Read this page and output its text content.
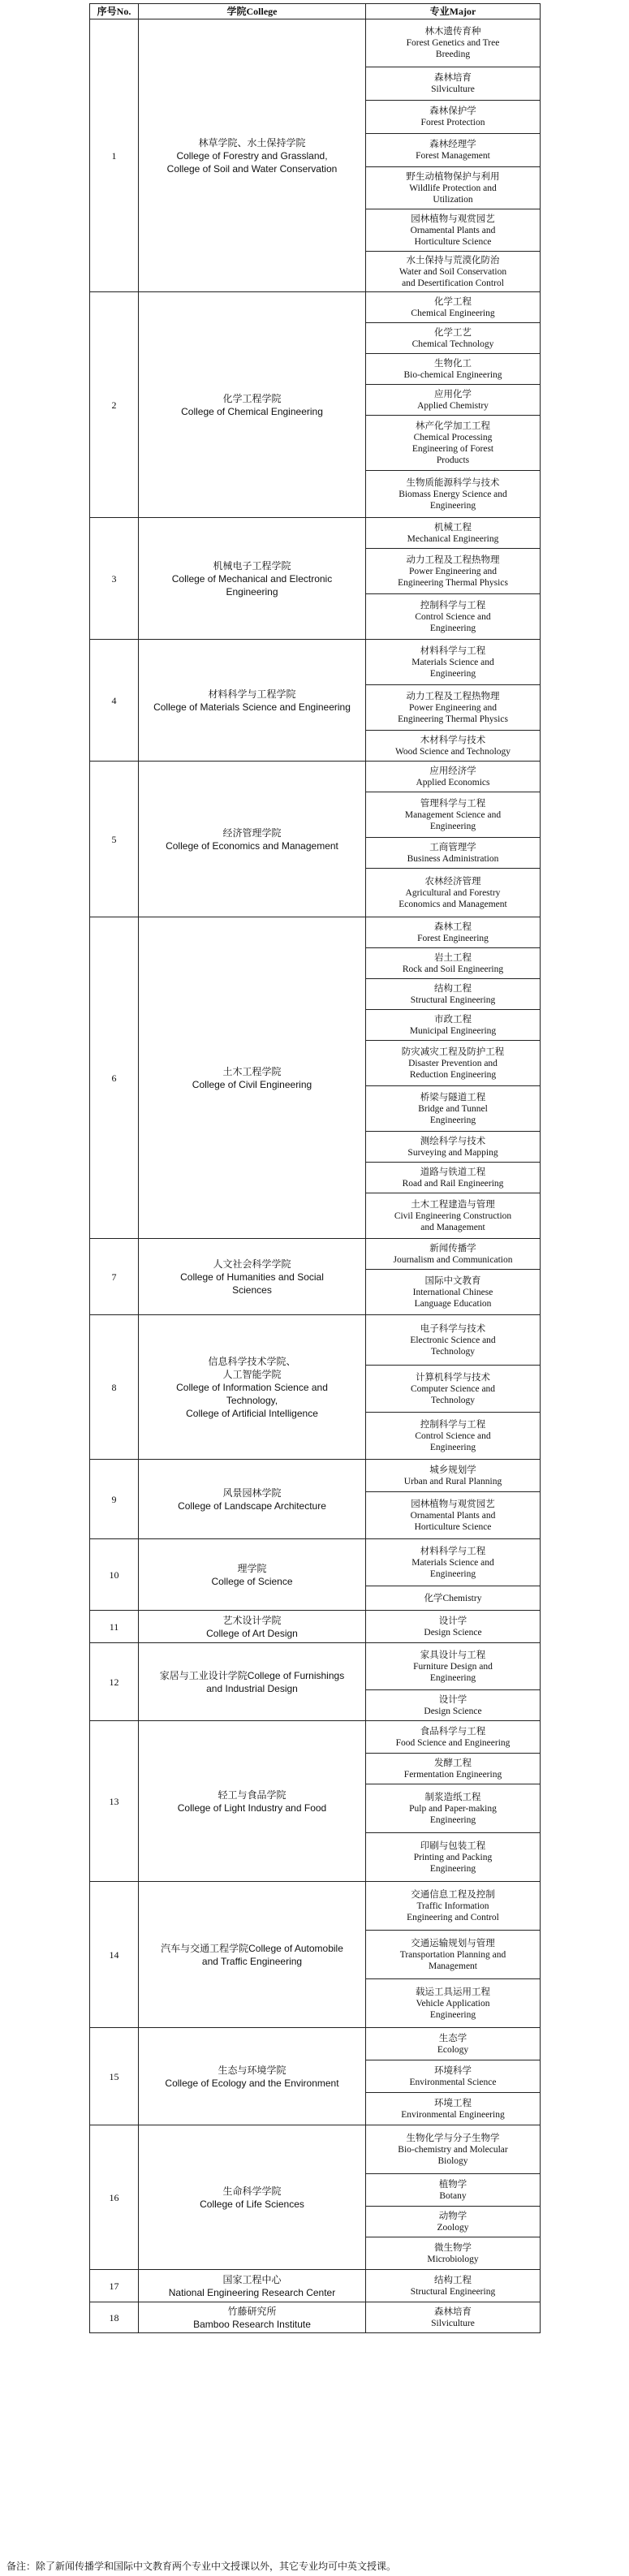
序号No.	学院College	专业Major
1	林草学院、水土保持学院
College of Forestry and Grassland,
College of Soil and Water Conservation	林木遗传育种
Forest Genetics and Tree
Breeding

		森林培育
Silviculture

		森林保护学
Forest Protection

		森林经理学
Forest Management

		野生动植物保护与利用
Wildlife Protection and
Utilization

		园林植物与观赏园艺
Ornamental Plants and
Horticulture Science

		水土保持与荒漠化防治
Water and Soil Conservation
and Desertification Control

2	化学工程学院
College of Chemical Engineering	化学工程
Chemical Engineering

		化学工艺
Chemical Technology

		生物化工
Bio-chemical Engineering

		应用化学
Applied Chemistry

		林产化学加工工程
Chemical Processing
Engineering of Forest
Products

		生物质能源科学与技术
Biomass Energy Science and
Engineering

3	机械电子工程学院
College of Mechanical and Electronic
Engineering	机械工程
Mechanical Engineering

		动力工程及工程热物理
Power Engineering and
Engineering Thermal Physics

		控制科学与工程
Control Science and
Engineering

4	材料科学与工程学院
College of Materials Science and Engineering	材料科学与工程
Materials Science and
Engineering

		动力工程及工程热物理
Power Engineering and
Engineering Thermal Physics

		木材科学与技术
Wood Science and Technology

5	经济管理学院
College of Economics and Management	应用经济学
Applied Economics

		管理科学与工程
Management Science and
Engineering

		工商管理学
Business Administration

		农林经济管理
Agricultural and Forestry
Economics and Management

6	土木工程学院
College of Civil Engineering	森林工程
Forest Engineering

		岩土工程
Rock and Soil Engineering

		结构工程
Structural Engineering

		市政工程
Municipal Engineering

		防灾减灾工程及防护工程
Disaster Prevention and
Reduction Engineering

		桥梁与隧道工程
Bridge and Tunnel
Engineering

		测绘科学与技术
Surveying and Mapping

		道路与铁道工程
Road and Rail Engineering

		土木工程建造与管理
Civil Engineering Construction
and Management

7	人文社会科学学院
College of Humanities and Social
Sciences	新闻传播学
Journalism and Communication

		国际中文教育
International Chinese
Language Education

8	信息科学技术学院、
人工智能学院
College of Information Science and
Technology,
College of Artificial Intelligence	电子科学与技术
Electronic Science and
Technology

		计算机科学与技术
Computer Science and
Technology

		控制科学与工程
Control Science and
Engineering

9	风景园林学院
College of Landscape Architecture	城乡规划学
Urban and Rural Planning

		园林植物与观赏园艺
Ornamental Plants and
Horticulture Science

10	理学院
College of Science	材料科学与工程
Materials Science and
Engineering

		化学Chemistry

11	艺术设计学院
College of Art Design	设计学
Design Science

12	家居与工业设计学院College of Furnishings
and Industrial Design	家具设计与工程
Furniture Design and
Engineering

		设计学
Design Science

13	轻工与食品学院
College of Light Industry and Food	食品科学与工程
Food Science and Engineering

		发酵工程
Fermentation Engineering

		制浆造纸工程
Pulp and Paper-making
Engineering

		印刷与包装工程
Printing and Packing
Engineering

14	汽车与交通工程学院College of Automobile
and Traffic Engineering	交通信息工程及控制
Traffic Information
Engineering and Control

		交通运输规划与管理
Transportation Planning and
Management

		载运工具运用工程
Vehicle Application
Engineering

15	生态与环境学院
College of Ecology and the Environment	生态学
Ecology

		环境科学
Environmental Science

		环境工程
Environmental Engineering

16	生命科学学院
College of Life Sciences	生物化学与分子生物学
Bio-chemistry and Molecular
Biology

		植物学
Botany

		动物学
Zoology

		微生物学
Microbiology

17	国家工程中心
National Engineering Research Center	结构工程
Structural Engineering

18	竹藤研究所
Bamboo Research Institute	森林培育
Silviculture
备注：除了新闻传播学和国际中文教育两个专业中文授课以外，其它专业均可中英文授课。
